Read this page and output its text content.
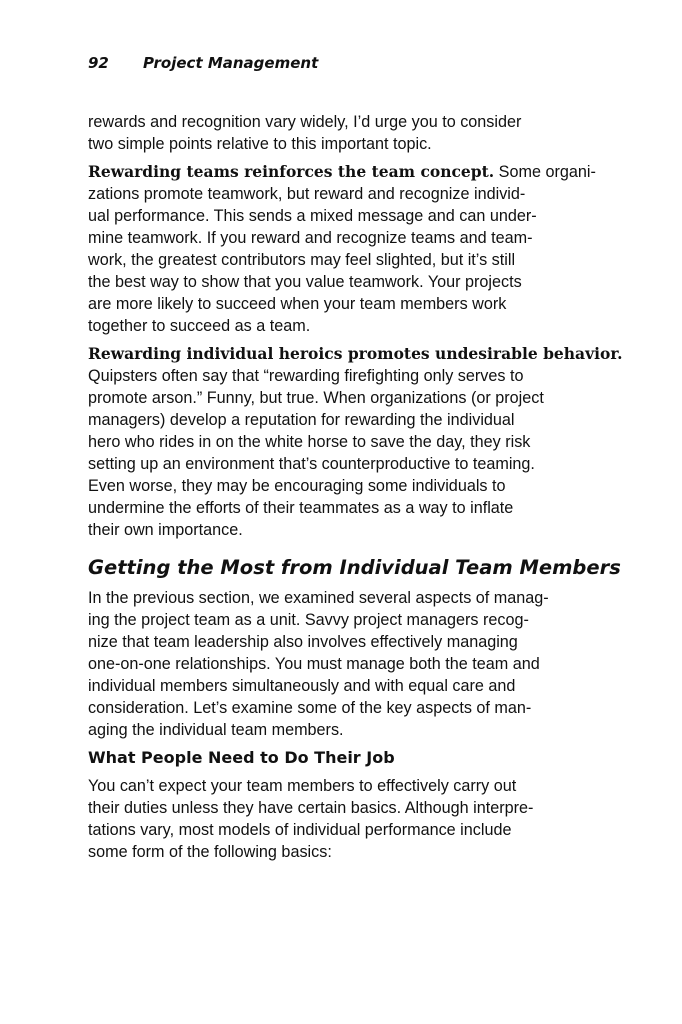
92 Project Management
rewards and recognition vary widely, I’d urge you to consider
two simple points relative to this important topic.
Rewarding teams reinforces the team concept. Some organi-
zations promote teamwork, but reward and recognize individ-
ual performance. This sends a mixed message and can under-
mine teamwork. If you reward and recognize teams and team-
work, the greatest contributors may feel slighted, but it’s still
the best way to show that you value teamwork. Your projects
are more likely to succeed when your team members work
together to succeed as a team.
Rewarding individual heroics promotes undesirable behavior.
Quipsters often say that “rewarding firefighting only serves to
promote arson.” Funny, but true. When organizations (or project
managers) develop a reputation for rewarding the individual
hero who rides in on the white horse to save the day, they risk
setting up an environment that’s counterproductive to teaming.
Even worse, they may be encouraging some individuals to
undermine the efforts of their teammates as a way to inflate
their own importance.
Getting the Most from Individual Team Members
In the previous section, we examined several aspects of manag-
ing the project team as a unit. Savvy project managers recog-
nize that team leadership also involves effectively managing
one-on-one relationships. You must manage both the team and
individual members simultaneously and with equal care and
consideration. Let’s examine some of the key aspects of man-
aging the individual team members.
What People Need to Do Their Job
You can’t expect your team members to effectively carry out
their duties unless they have certain basics. Although interpre-
tations vary, most models of individual performance include
some form of the following basics:
